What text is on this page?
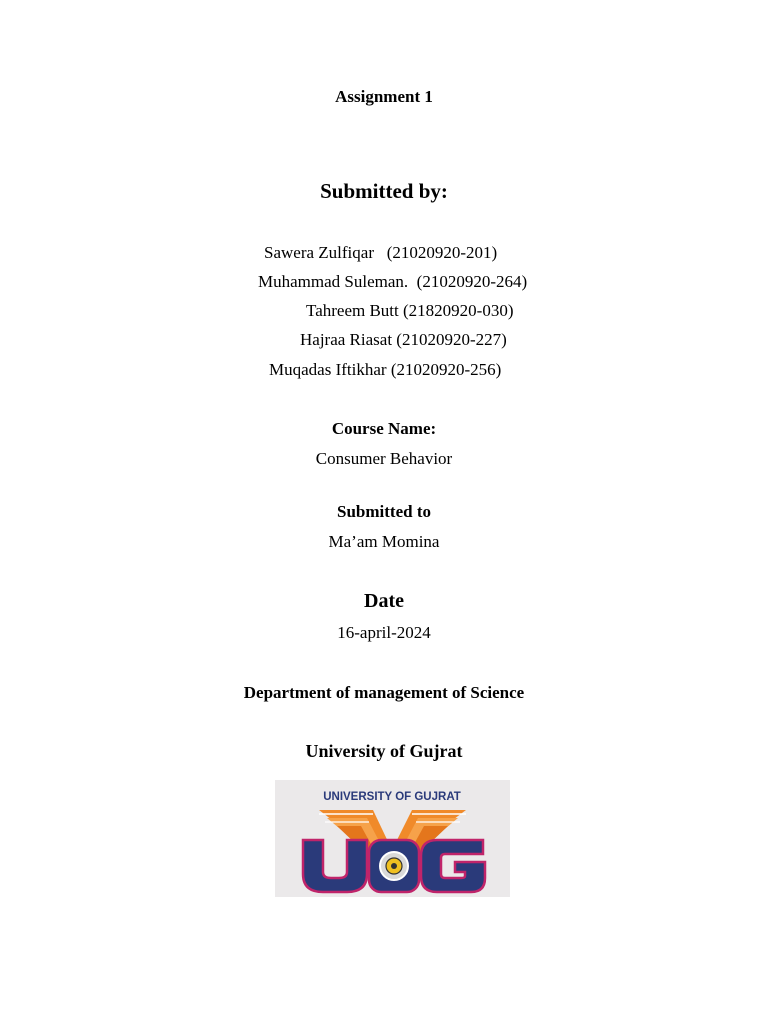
Assignment 1
Submitted by:
Sawera Zulfiqar (21020920-201)
Muhammad Suleman. (21020920-264)
Tahreem Butt (21820920-030)
Hajraa Riasat (21020920-227)
Muqadas Iftikhar (21020920-256)
Course Name:
Consumer Behavior
Submitted to
Ma’am Momina
Date
16-april-2024
Department of management of Science
University of Gujrat
UNIVERSITY OF GUJRAT
